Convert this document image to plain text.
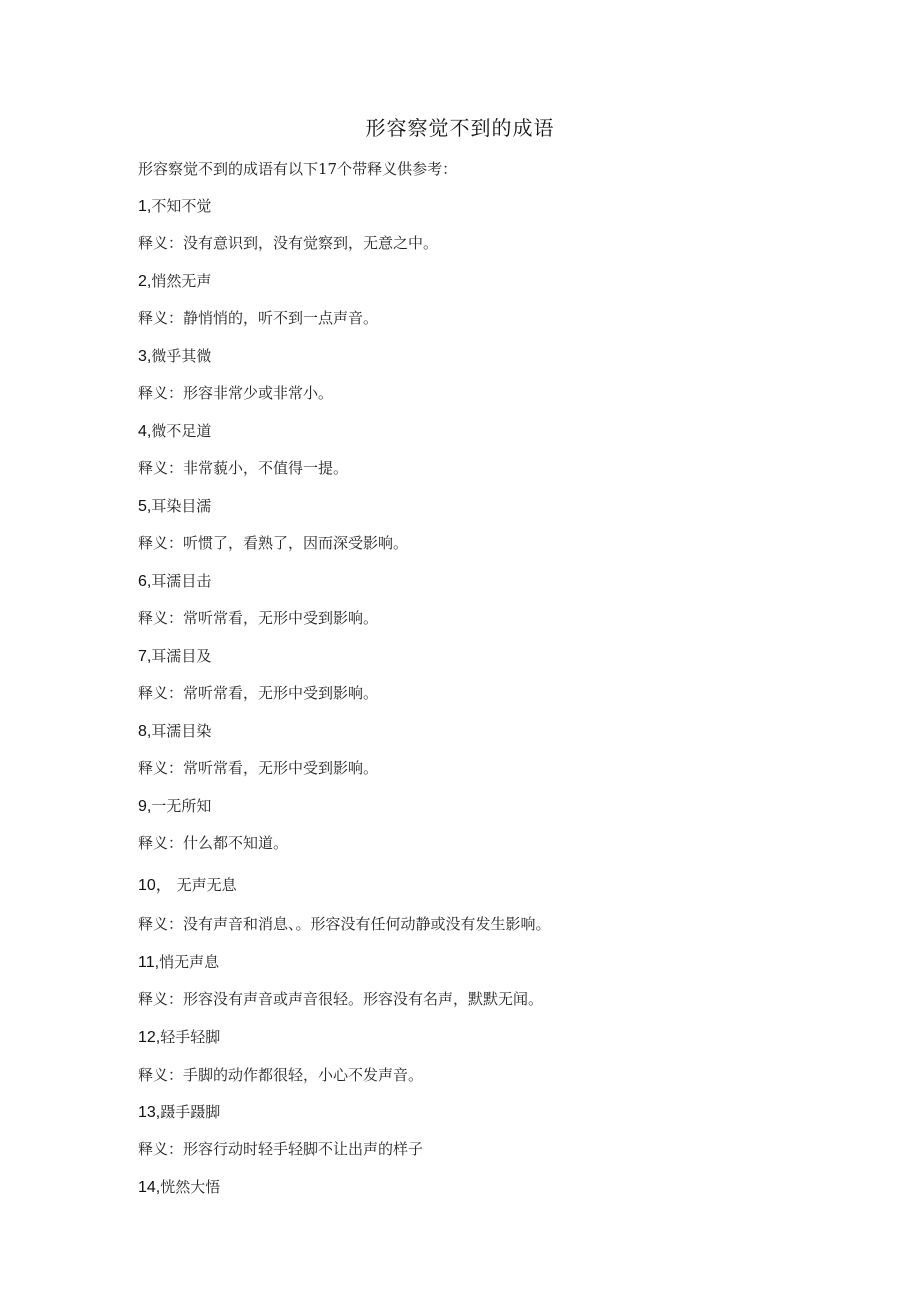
形容察觉不到的成语
形容察觉不到的成语有以下17个带释义供参考：
1,不知不觉
释义：没有意识到，没有觉察到，无意之中。
2,悄然无声
释义：静悄悄的，听不到一点声音。
3,微乎其微
释义：形容非常少或非常小。
4,微不足道
释义：非常藐小，不值得一提。
5,耳染目濡
释义：听惯了，看熟了，因而深受影响。
6,耳濡目击
释义：常听常看，无形中受到影响。
7,耳濡目及
释义：常听常看，无形中受到影响。
8,耳濡目染
释义：常听常看，无形中受到影响。
9,一无所知
释义：什么都不知道。
10， 无声无息
释义：没有声音和消息、。形容没有任何动静或没有发生影响。
11,悄无声息
释义：形容没有声音或声音很轻。形容没有名声，默默无闻。
12,轻手轻脚
释义：手脚的动作都很轻，小心不发声音。
13,蹑手蹑脚
释义：形容行动时轻手轻脚不让出声的样子
14,恍然大悟
